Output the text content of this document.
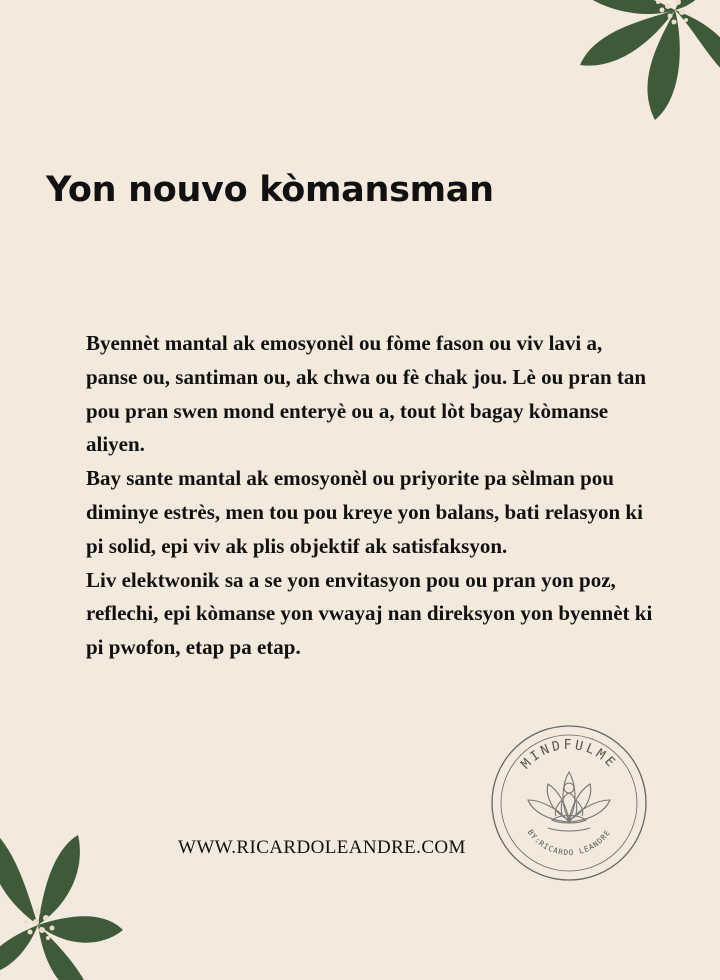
Yon nouvo kòmansman

Byennèt mantal ak emosyonèl ou fòme fason ou viv lavi a, panse ou, santiman ou, ak chwa ou fè chak jou. Lè ou pran tan pou pran swen mond enteryè ou a, tout lòt bagay kòmanse aliyen.

Bay sante mantal ak emosyonèl ou priyorite pa sèlman pou diminye estrès, men tou pou kreye yon balans, bati relasyon ki pi solid, epi viv ak plis objektif ak satisfaksyon.

Liv elektwonik sa a se yon envitasyon pou ou pran yon poz, reflechi, epi kòmanse yon vwayaj nan direksyon yon byennèt ki pi pwofon, etap pa etap.

WWW.RICARDOLEANDRE.COM
MINDFULME
BY:RICARDO LEANDRE
